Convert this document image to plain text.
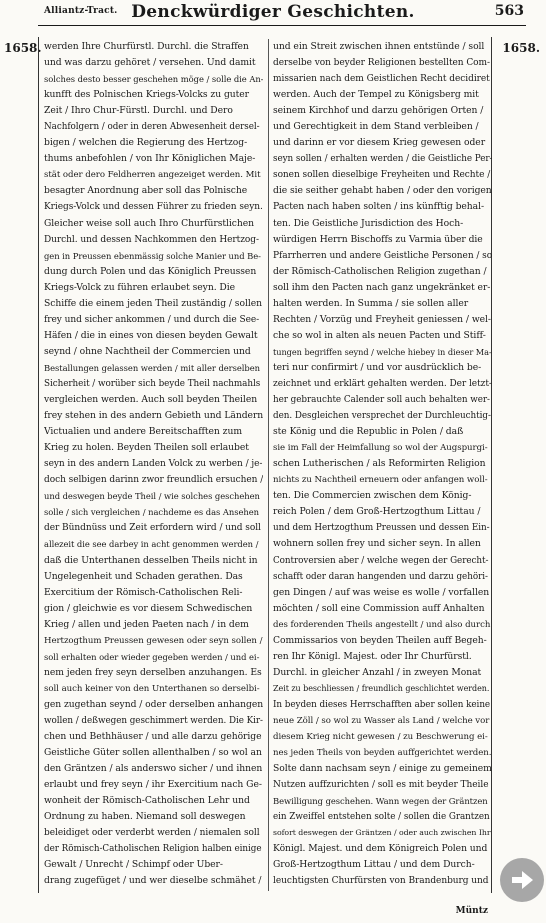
Alliantz-Tract. Denckwürdiger Geschichten.	563
1658.	1658.
werden Ihre Churfürstl. Durchl. die Straffen
und was darzu gehöret / versehen. Und damit
solches desto besser geschehen möge / solle die An-
kunfft des Polnischen Kriegs-Volcks zu guter
Zeit / Ihro Chur-Fürstl. Durchl. und Dero
Nachfolgern / oder in deren Abwesenheit dersel-
bigen / welchen die Regierung des Hertzog-
thums anbefohlen / von Ihr Königlichen Maje-
stät oder dero Feldherren angezeiget werden. Mit
besagter Anordnung aber soll das Polnische
Kriegs-Volck und dessen Führer zu frieden seyn.
Gleicher weise soll auch Ihro Churfürstlichen
Durchl. und dessen Nachkommen den Hertzog-
gen in Preussen ebenmässig solche Manier und Be-
dung durch Polen und das Königlich Preussen
Kriegs-Volck zu führen erlaubet seyn. Die
Schiffe die einem jeden Theil zuständig / sollen
frey und sicher ankommen / und durch die See-
Häfen / die in eines von diesen beyden Gewalt
seynd / ohne Nachtheil der Commercien und
Bestallungen gelassen werden / mit aller derselben
Sicherheit / worüber sich beyde Theil nachmahls
vergleichen werden. Auch soll beyden Theilen
frey stehen in des andern Gebieth und Ländern
Victualien und andere Bereitschafften zum
Krieg zu holen. Beyden Theilen soll erlaubet
seyn in des andern Landen Volck zu werben / je-
doch selbigen darinn zwor freundlich ersuchen /
und deswegen beyde Theil / wie solches geschehen
solle / sich vergleichen / nachdeme es das Ansehen
der Bündnüss und Zeit erfordern wird / und soll
allezeit die see darbey in acht genommen werden /
daß die Unterthanen desselben Theils nicht in
Ungelegenheit und Schaden gerathen. Das
Exercitium der Römisch-Catholischen Reli-
gion / gleichwie es vor diesem Schwedischen
Krieg / allen und jeden Paeten nach / in dem
Hertzogthum Preussen gewesen oder seyn sollen /
soll erhalten oder wieder gegeben werden / und ei-
nem jeden frey seyn derselben anzuhangen. Es
soll auch keiner von den Unterthanen so derselbi-
gen zugethan seynd / oder derselben anhangen
wollen / deßwegen geschimmert werden. Die Kir-
chen und Bethhäuser / und alle darzu gehörige
Geistliche Güter sollen allenthalben / so wol an
den Gräntzen / als anderswo sicher / und ihnen
erlaubt und frey seyn / ihr Exercitium nach Ge-
wonheit der Römisch-Catholischen Lehr und
Ordnung zu haben. Niemand soll deswegen
beleidiget oder verderbt werden / niemalen soll
der Römisch-Catholischen Religion halben einige
Gewalt / Unrecht / Schimpf oder Uber-
drang zugefüget / und wer dieselbe schmähet /
und ein Streit zwischen ihnen entstünde / soll
derselbe von beyder Religionen bestellten Com-
missarien nach dem Geistlichen Recht decidiret
werden. Auch der Tempel zu Königsberg mit
seinem Kirchhof und darzu gehörigen Orten /
und Gerechtigkeit in dem Stand verbleiben /
und darinn er vor diesem Krieg gewesen oder
seyn sollen / erhalten werden / die Geistliche Per-
sonen sollen dieselbige Freyheiten und Rechte /
die sie seither gehabt haben / oder den vorigen
Pacten nach haben solten / ins künfftig behal-
ten. Die Geistliche Jurisdiction des Hoch-
würdigen Herrn Bischoffs zu Varmia über die
Pfarrherren und andere Geistliche Personen / so
der Römisch-Catholischen Religion zugethan /
soll ihm den Pacten nach ganz ungekränket er-
halten werden. In Summa / sie sollen aller
Rechten / Vorzüg und Freyheit geniessen / wel-
che so wol in alten als neuen Pacten und Stiff-
tungen begriffen seynd / welche hiebey in dieser Ma-
teri nur confirmirt / und vor ausdrücklich be-
zeichnet und erklärt gehalten werden. Der letzt-
her gebrauchte Calender soll auch behalten wer-
den. Desgleichen versprechet der Durchleuchtig-
ste König und die Republic in Polen / daß
sie im Fall der Heimfallung so wol der Augspurgi-
schen Lutherischen / als Reformirten Religion
nichts zu Nachtheil erneuern oder anfangen woll-
ten. Die Commercien zwischen dem König-
reich Polen / dem Groß-Hertzogthum Littau /
und dem Hertzogthum Preussen und dessen Ein-
wohnern sollen frey und sicher seyn. In allen
Controversien aber / welche wegen der Gerecht-
schafft oder daran hangenden und darzu gehöri-
gen Dingen / auf was weise es wolle / vorfallen
möchten / soll eine Commission auff Anhalten
des forderenden Theils angestellt / und also durch
Commissarios von beyden Theilen auff Begeh-
ren Ihr Königl. Majest. oder Ihr Churfürstl.
Durchl. in gleicher Anzahl / in zweyen Monat
Zeit zu beschliessen / freundlich geschlichtet werden.
In beyden dieses Herrschafften aber sollen keine
neue Zöll / so wol zu Wasser als Land / welche vor
diesem Krieg nicht gewesen / zu Beschwerung ei-
nes jeden Theils von beyden auffgerichtet werden.
Solte dann nachsam seyn / einige zu gemeinem
Nutzen auffzurichten / soll es mit beyder Theile
Bewilligung geschehen. Wann wegen der Gräntzen
ein Zweiffel entstehen solte / sollen die Grantzen
sofort deswegen der Gräntzen / oder auch zwischen Ihr
Königl. Majest. und dem Königreich Polen und
Groß-Hertzogthum Littau / und dem Durch-
leuchtigsten Churfürsten von Brandenburg und
Müntz
